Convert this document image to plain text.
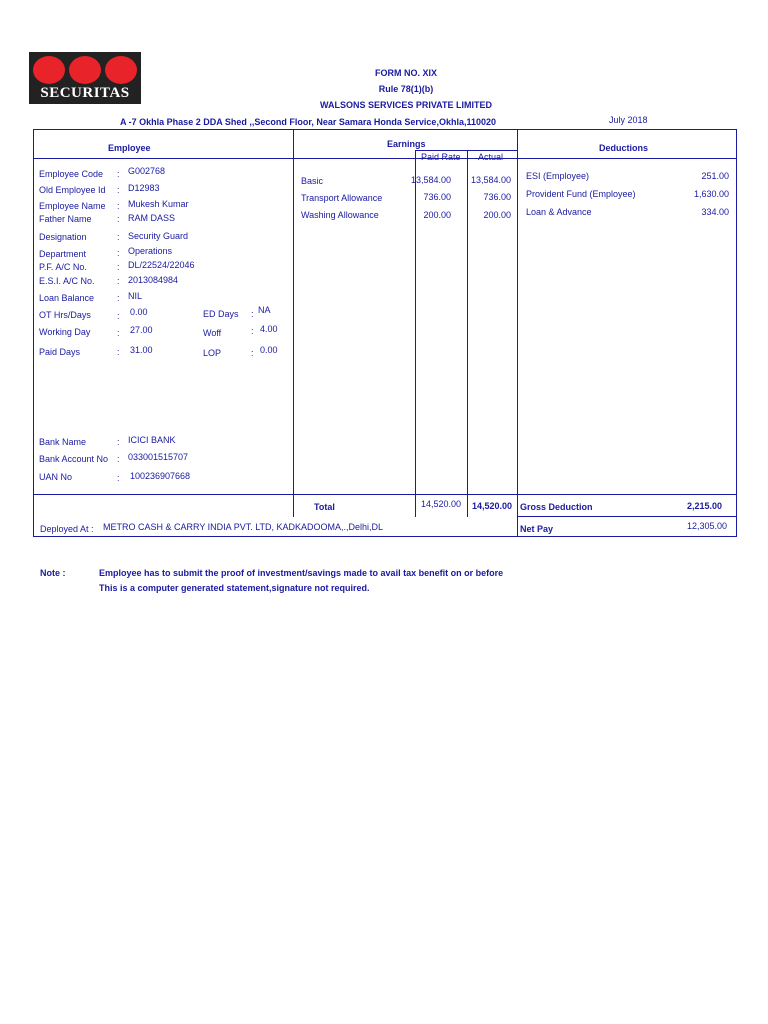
SECURITAS
FORM NO. XIX
Rule 78(1)(b)
WALSONS SERVICES PRIVATE LIMITED
A -7 Okhla Phase 2 DDA Shed ,,Second Floor, Near Samara Honda Service,Okhla,110020	July 2018
Employee	Earnings
Paid Rate Actual
Deductions
Employee Code : G002768
Old Employee Id : D12983
Employee Name : Mukesh Kumar
Father Name	: RAM DASS
Designation	: Security Guard
Department	: Operations
P.F. A/C No.	: DL/22524/22046
E.S.I. A/C No. : 2013084984
Loan Balance	: NIL
OT Hrs/Days	: 0.00	ED Days : NA
Working Day	: 27.00	Woff	: 4.00
Paid Days	: 31.00	LOP	: 0.00
Bank Name	: ICICI BANK
Bank Account No : 033001515707
UAN No	: 100236907668
Basic	13,584.00	13,584.00
Transport Allowance	736.00	736.00
Washing Allowance	200.00	200.00
ESI (Employee)	251.00
Provident Fund (Employee)	1,630.00
Loan & Advance	334.00
Total	14,520.00	14,520.00 Gross Deduction	2,215.00
Net Pay	12,305.00
Deployed At : METRO CASH & CARRY INDIA PVT. LTD, KADKADOOMA,.,Delhi,DL
Note :	Employee has to submit the proof of investment/savings made to avail tax benefit on or before
This is a computer generated statement,signature not required.
